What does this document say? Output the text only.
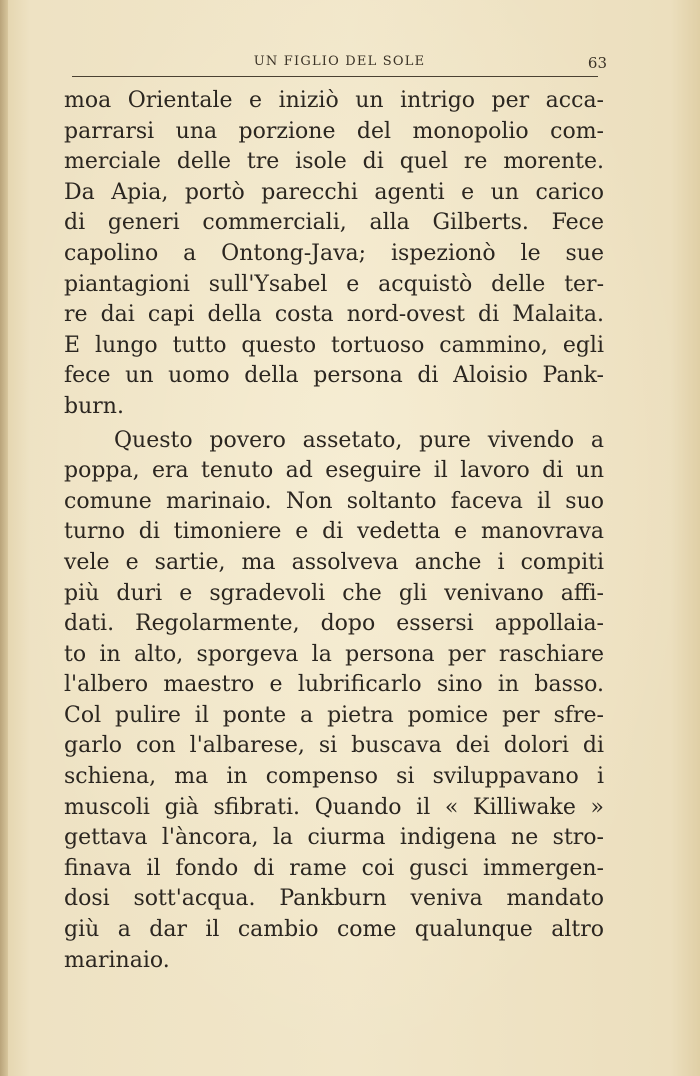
UN FIGLIO DEL SOLE	63
moa Orientale e iniziò un intrigo per acca-
parrarsi una porzione del monopolio com-
merciale delle tre isole di quel re morente.
Da Apia, portò parecchi agenti e un carico
di generi commerciali, alla Gilberts. Fece
capolino a Ontong-Java; ispezionò le sue
piantagioni sull'Ysabel e acquistò delle ter-
re dai capi della costa nord-ovest di Malaita.
E lungo tutto questo tortuoso cammino, egli
fece un uomo della persona di Aloisio Pank-
burn.
Questo povero assetato, pure vivendo a
poppa, era tenuto ad eseguire il lavoro di un
comune marinaio. Non soltanto faceva il suo
turno di timoniere e di vedetta e manovrava
vele e sartie, ma assolveva anche i compiti
più duri e sgradevoli che gli venivano affi-
dati. Regolarmente, dopo essersi appollaia-
to in alto, sporgeva la persona per raschiare
l'albero maestro e lubrificarlo sino in basso.
Col pulire il ponte a pietra pomice per sfre-
garlo con l'albarese, si buscava dei dolori di
schiena, ma in compenso si sviluppavano i
muscoli già sfibrati. Quando il « Killiwake »
gettava l'àncora, la ciurma indigena ne stro-
finava il fondo di rame coi gusci immergen-
dosi sott'acqua. Pankburn veniva mandato
giù a dar il cambio come qualunque altro
marinaio.
